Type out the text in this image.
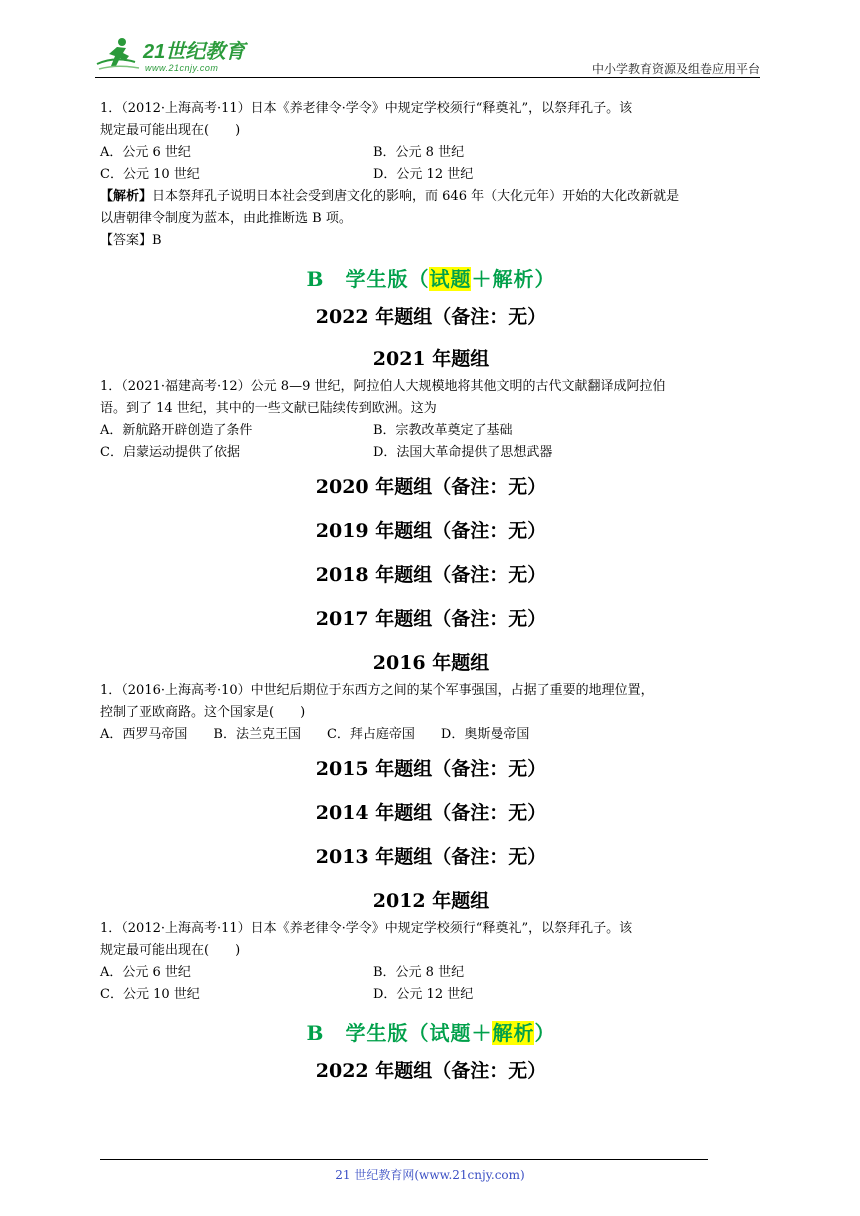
21世纪教育
www.21cnjy.com	中小学教育资源及组卷应用平台

1．（2012·上海高考·11）日本《养老律令·学令》中规定学校须行“释奠礼”，以祭拜孔子。该

规定最可能出现在(　　)

A．公元 6 世纪	B．公元 8 世纪
C．公元 10 世纪	D．公元 12 世纪

【解析】日本祭拜孔子说明日本社会受到唐文化的影响，而 646 年（大化元年）开始的大化改新就是

以唐朝律令制度为蓝本，由此推断选 B 项。

【答案】B

B　学生版（试题＋解析）
2022 年题组（备注：无）
2021 年题组

1．（2021·福建高考·12）公元 8—9 世纪，阿拉伯人大规模地将其他文明的古代文献翻译成阿拉伯

语。到了 14 世纪，其中的一些文献已陆续传到欧洲。这为

A．新航路开辟创造了条件	B．宗教改革奠定了基础
C．启蒙运动提供了依据	D．法国大革命提供了思想武器
2020 年题组（备注：无）
2019 年题组（备注：无）
2018 年题组（备注：无）
2017 年题组（备注：无）
2016 年题组

1．（2016·上海高考·10）中世纪后期位于东西方之间的某个军事强国，占据了重要的地理位置，

控制了亚欧商路。这个国家是(　　)

A．西罗马帝国 B．法兰克王国 C．拜占庭帝国 D．奥斯曼帝国
2015 年题组（备注：无）
2014 年题组（备注：无）
2013 年题组（备注：无）
2012 年题组

1．（2012·上海高考·11）日本《养老律令·学令》中规定学校须行“释奠礼”，以祭拜孔子。该

规定最可能出现在(　　)

A．公元 6 世纪	B．公元 8 世纪
C．公元 10 世纪	D．公元 12 世纪
B　学生版（试题＋解析）
2022 年题组（备注：无）
21 世纪教育网(www.21cnjy.com)
